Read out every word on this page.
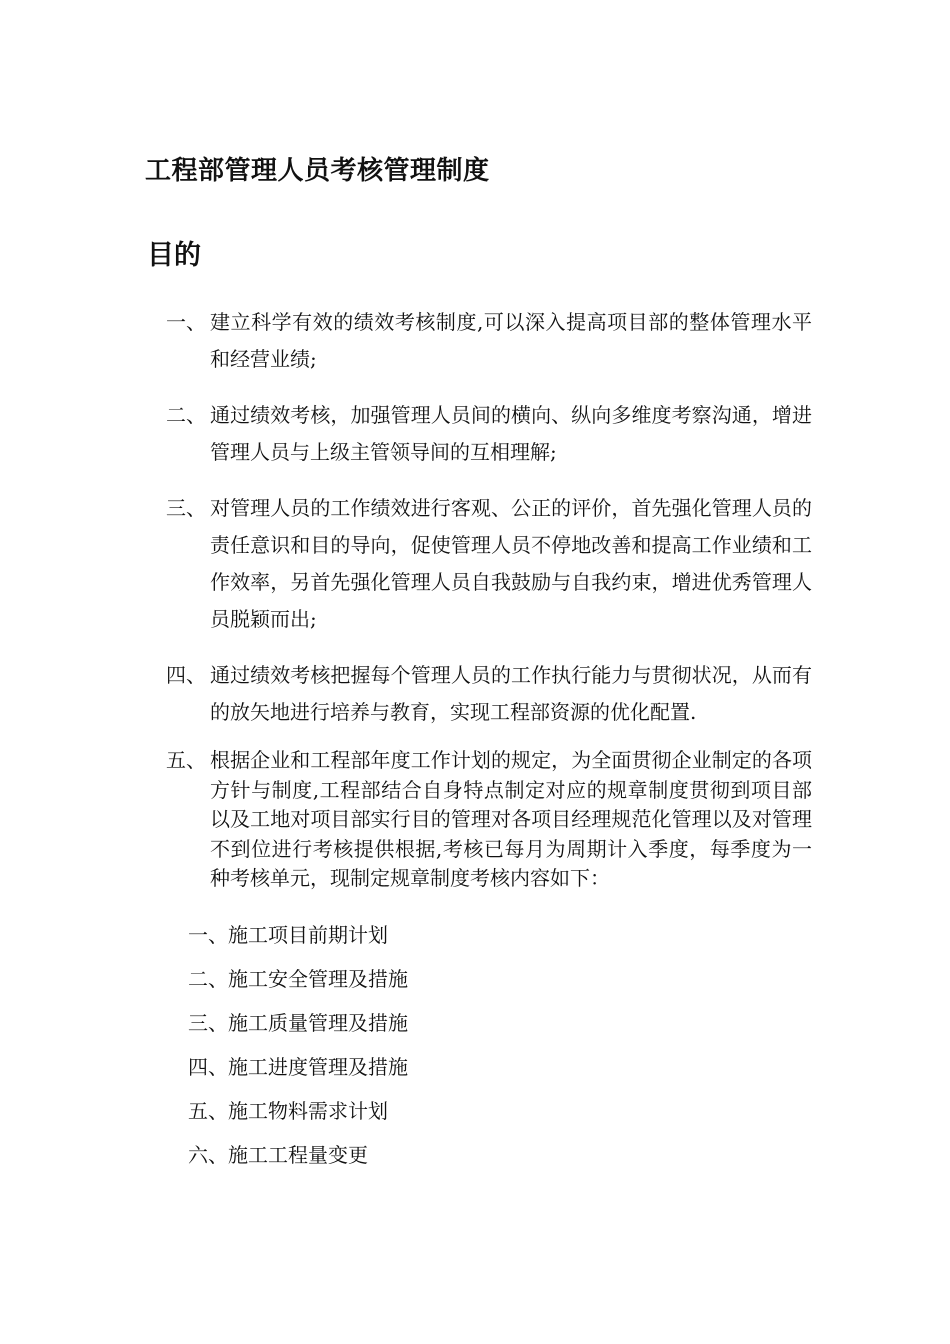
工程部管理人员考核管理制度
目的
一、 建立科学有效的绩效考核制度,可以深入提高项目部的整体管理水平和经营业绩;
二、 通过绩效考核，加强管理人员间的横向、纵向多维度考察沟通，增进管理人员与上级主管领导间的互相理解;
三、 对管理人员的工作绩效进行客观、公正的评价，首先强化管理人员的责任意识和目的导向，促使管理人员不停地改善和提高工作业绩和工作效率，另首先强化管理人员自我鼓励与自我约束，增进优秀管理人员脱颖而出;
四、 通过绩效考核把握每个管理人员的工作执行能力与贯彻状况，从而有的放矢地进行培养与教育，实现工程部资源的优化配置.
五、 根据企业和工程部年度工作计划的规定，为全面贯彻企业制定的各项方针与制度,工程部结合自身特点制定对应的规章制度贯彻到项目部以及工地对项目部实行目的管理对各项目经理规范化管理以及对管理不到位进行考核提供根据,考核已每月为周期计入季度，每季度为一种考核单元，现制定规章制度考核内容如下：
一、施工项目前期计划
二、施工安全管理及措施
三、施工质量管理及措施
四、施工进度管理及措施
五、施工物料需求计划
六、施工工程量变更
